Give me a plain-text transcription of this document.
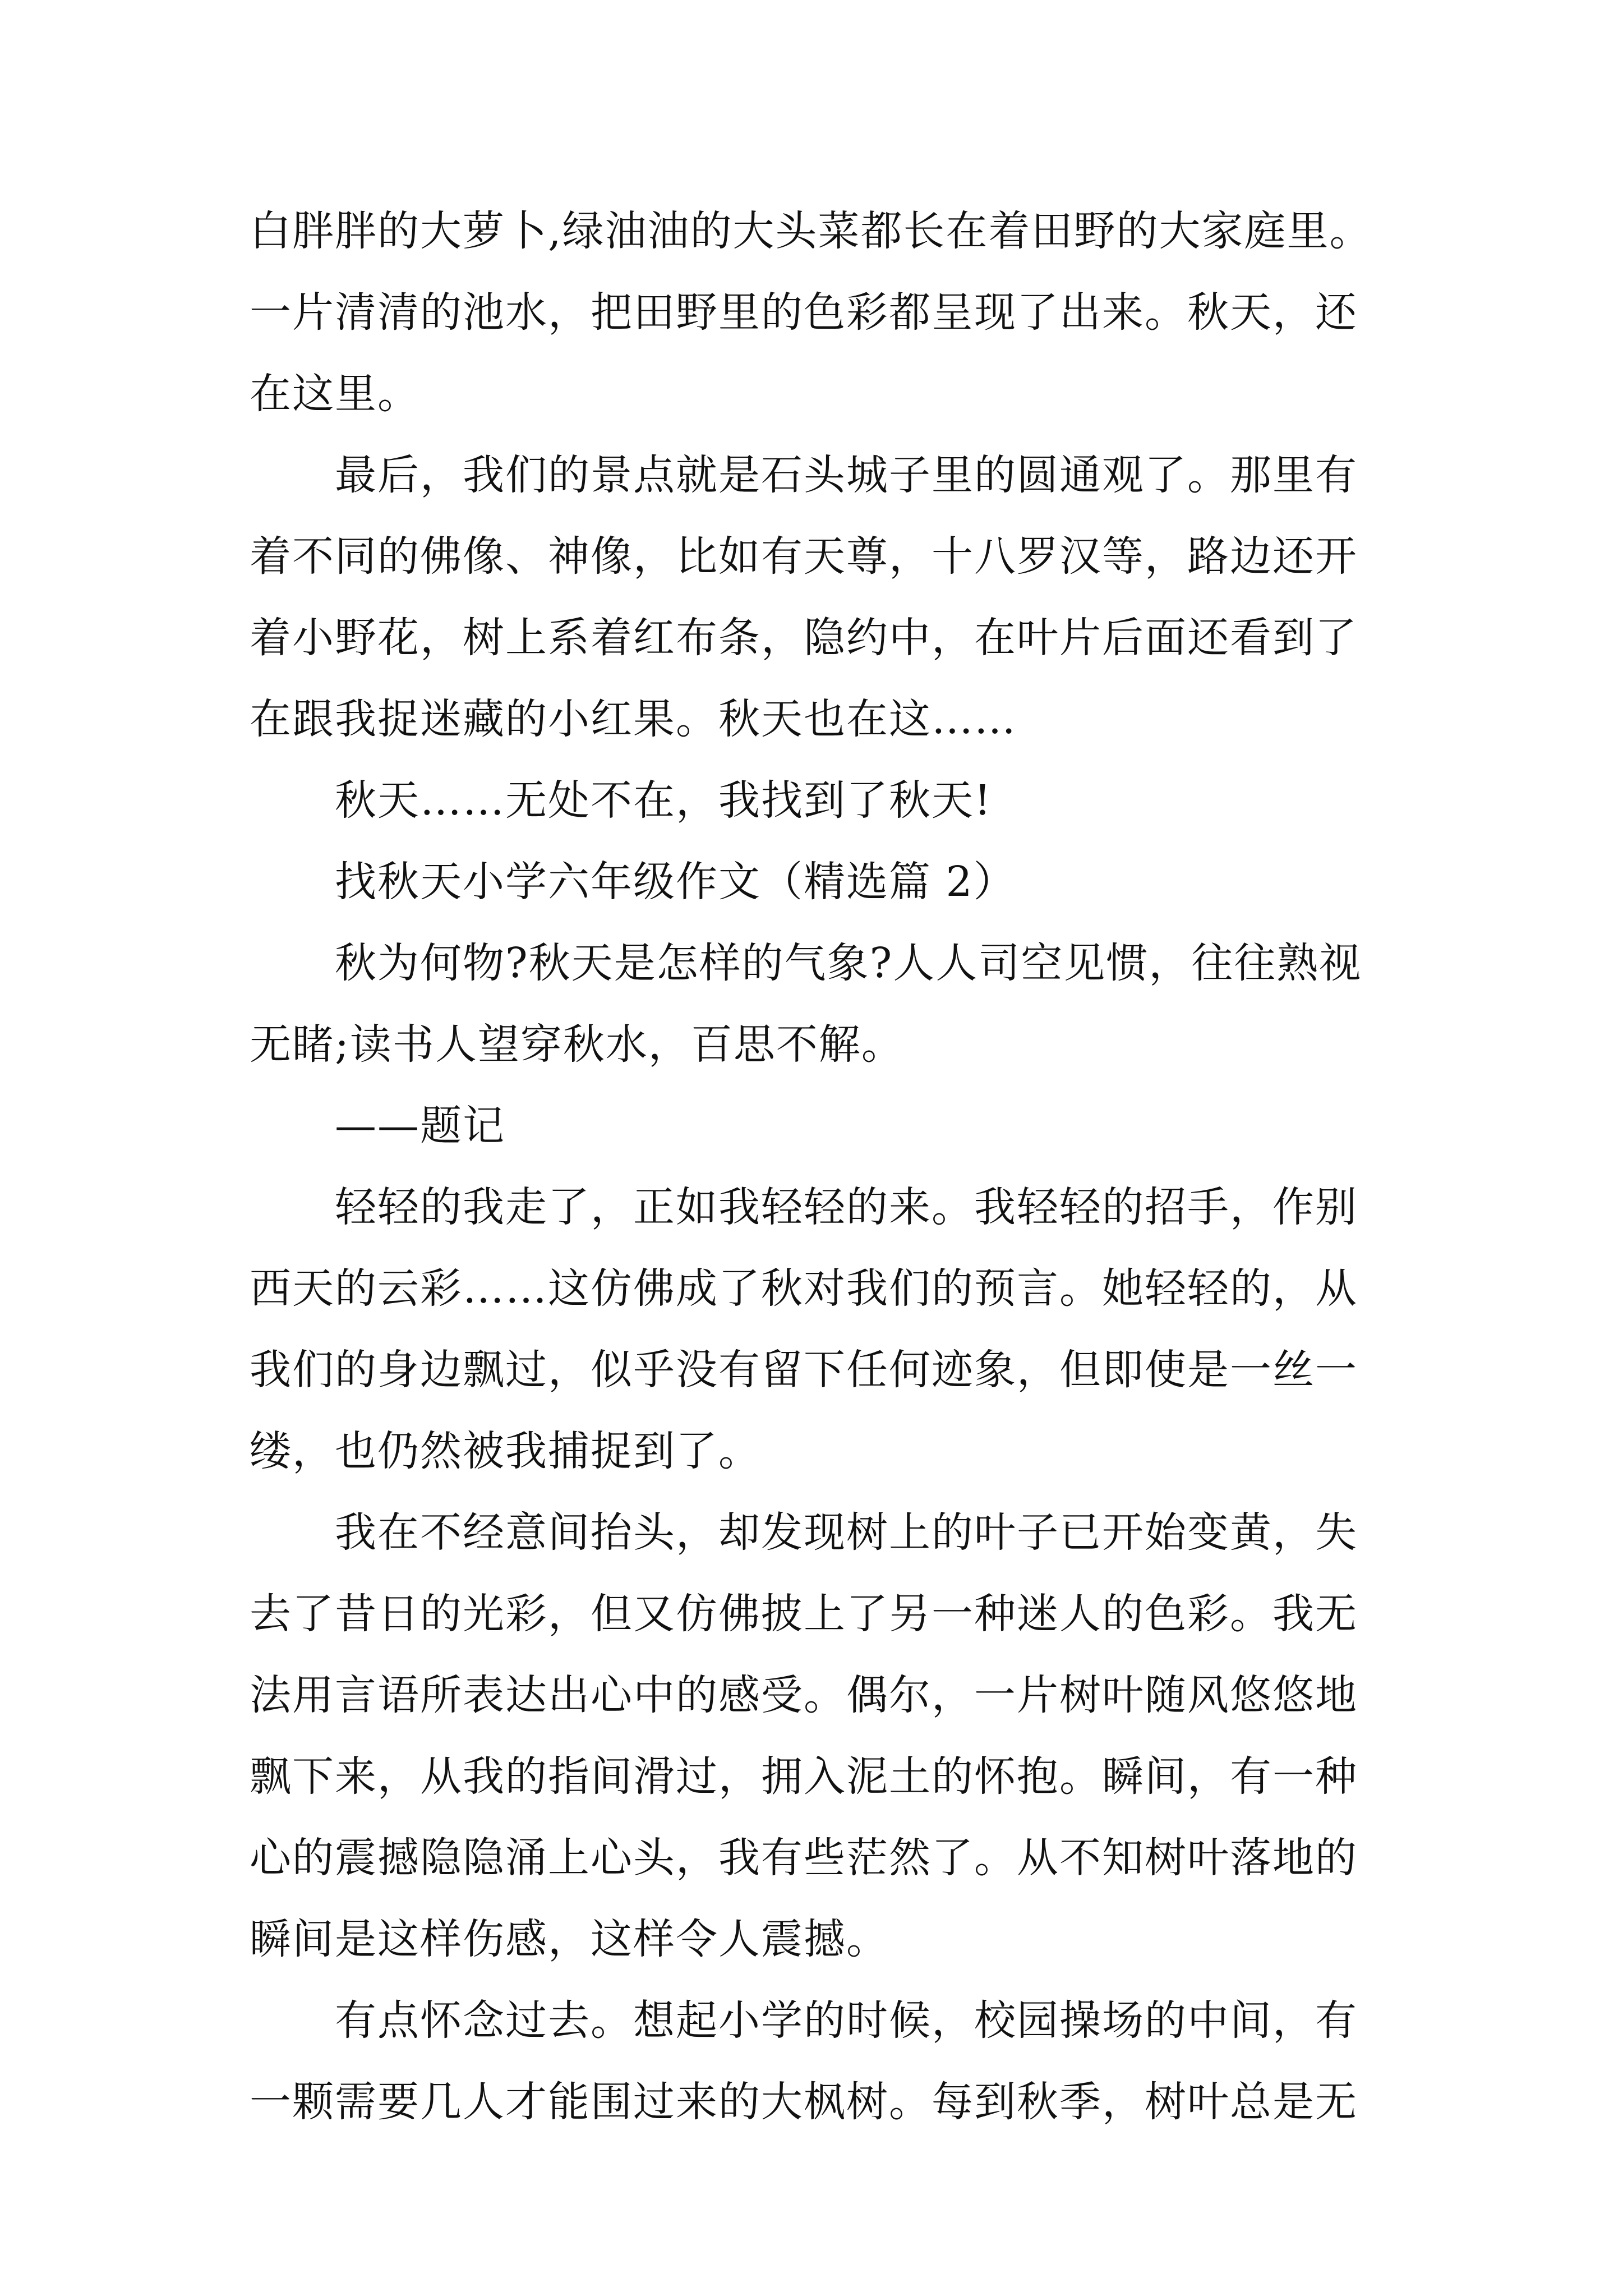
白胖胖的大萝卜,绿油油的大头菜都长在着田野的大家庭里。
一片清清的池水，把田野里的色彩都呈现了出来。秋天，还
在这里。
最后，我们的景点就是石头城子里的圆通观了。那里有
着不同的佛像、神像，比如有天尊，十八罗汉等，路边还开
着小野花，树上系着红布条，隐约中，在叶片后面还看到了
在跟我捉迷藏的小红果。秋天也在这……
秋天……无处不在，我找到了秋天!
找秋天小学六年级作文（精选篇 2）
秋为何物?秋天是怎样的气象?人人司空见惯，往往熟视
无睹;读书人望穿秋水，百思不解。
——题记
轻轻的我走了，正如我轻轻的来。我轻轻的招手，作别
西天的云彩……这仿佛成了秋对我们的预言。她轻轻的，从
我们的身边飘过，似乎没有留下任何迹象，但即使是一丝一
缕，也仍然被我捕捉到了。
我在不经意间抬头，却发现树上的叶子已开始变黄，失
去了昔日的光彩，但又仿佛披上了另一种迷人的色彩。我无
法用言语所表达出心中的感受。偶尔，一片树叶随风悠悠地
飘下来，从我的指间滑过，拥入泥土的怀抱。瞬间，有一种
心的震撼隐隐涌上心头，我有些茫然了。从不知树叶落地的
瞬间是这样伤感，这样令人震撼。
有点怀念过去。想起小学的时候，校园操场的中间，有
一颗需要几人才能围过来的大枫树。每到秋季，树叶总是无
